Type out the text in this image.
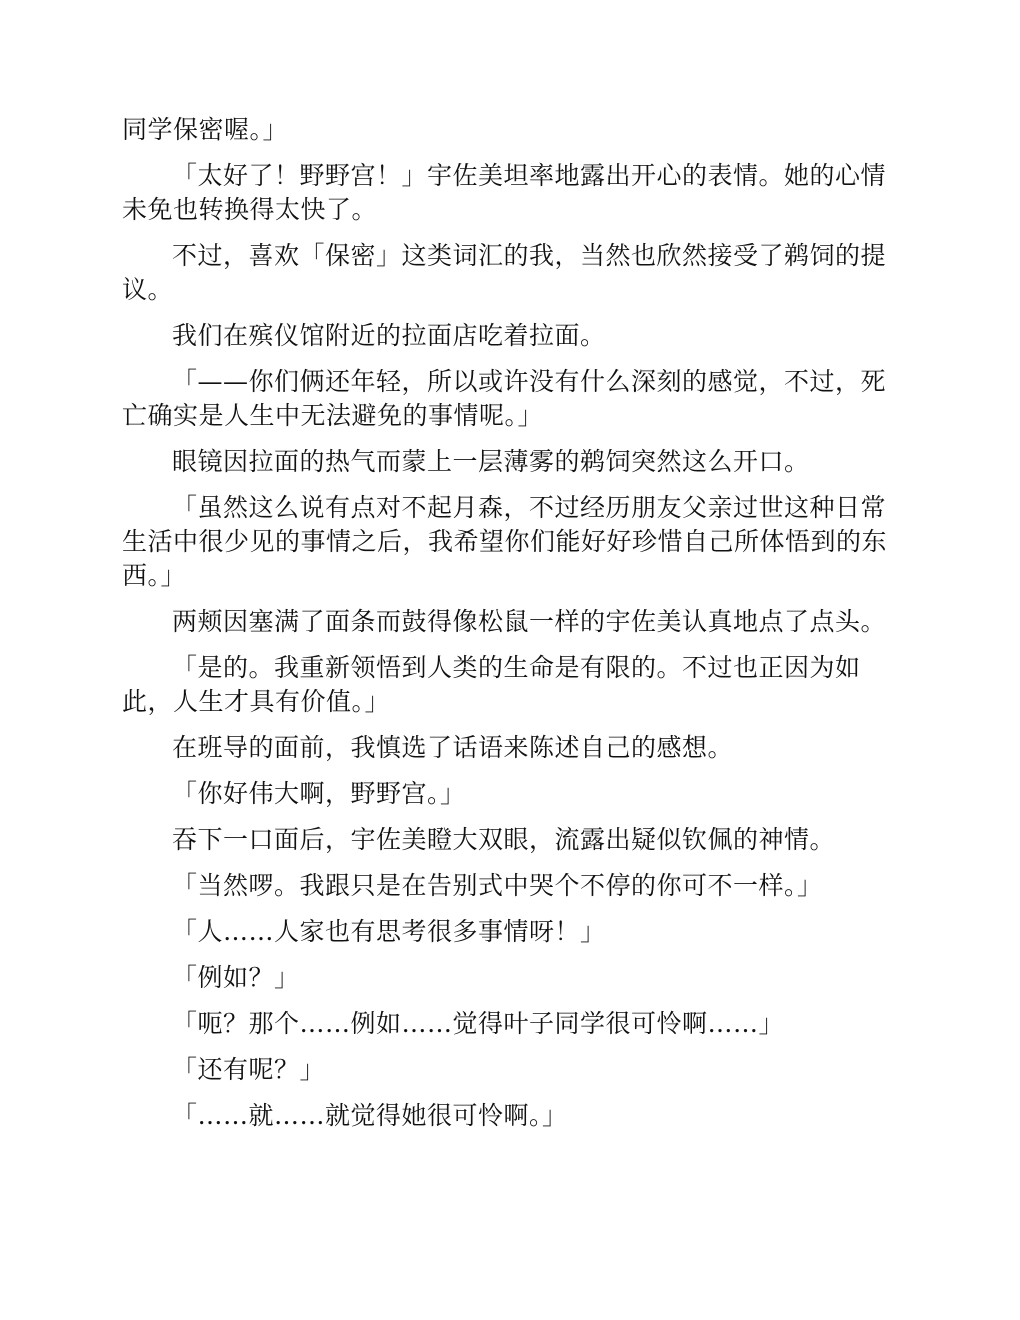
同学保密喔。」

「太好了！野野宫！」宇佐美坦率地露出开心的表情。她的心情未免也转换得太快了。

不过，喜欢「保密」这类词汇的我，当然也欣然接受了鹈饲的提议。

我们在殡仪馆附近的拉面店吃着拉面。

「——你们俩还年轻，所以或许没有什么深刻的感觉，不过，死亡确实是人生中无法避免的事情呢。」

眼镜因拉面的热气而蒙上一层薄雾的鹈饲突然这么开口。

「虽然这么说有点对不起月森，不过经历朋友父亲过世这种日常生活中很少见的事情之后，我希望你们能好好珍惜自己所体悟到的东西。」

两颊因塞满了面条而鼓得像松鼠一样的宇佐美认真地点了点头。

「是的。我重新领悟到人类的生命是有限的。不过也正因为如此，人生才具有价值。」

在班导的面前，我慎选了话语来陈述自己的感想。

「你好伟大啊，野野宫。」

吞下一口面后，宇佐美瞪大双眼，流露出疑似钦佩的神情。

「当然啰。我跟只是在告别式中哭个不停的你可不一样。」

「人……人家也有思考很多事情呀！」

「例如？」

「呃？那个……例如……觉得叶子同学很可怜啊……」

「还有呢？」

「……就……就觉得她很可怜啊。」
